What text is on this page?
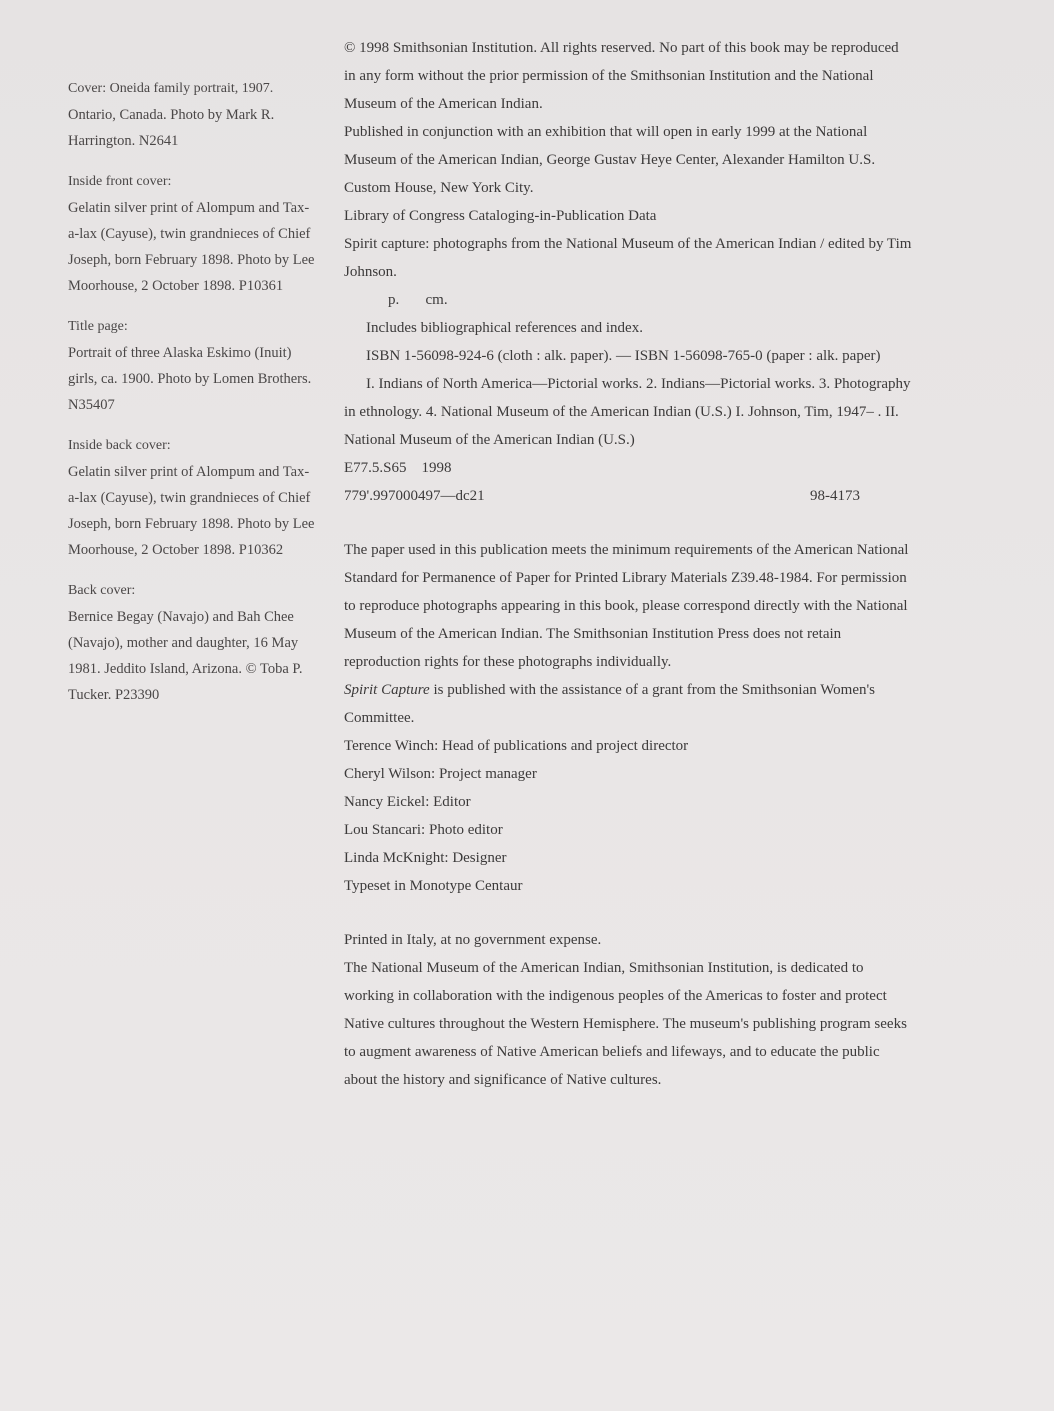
Cover: Oneida family portrait, 1907.
Ontario, Canada. Photo by Mark R. Harrington. N2641
Inside front cover:
Gelatin silver print of Alompum and Tax-a-lax (Cayuse), twin grandnieces of Chief Joseph, born February 1898. Photo by Lee Moorhouse, 2 October 1898. P10361
Title page:
Portrait of three Alaska Eskimo (Inuit) girls, ca. 1900. Photo by Lomen Brothers. N35407
Inside back cover:
Gelatin silver print of Alompum and Tax-a-lax (Cayuse), twin grandnieces of Chief Joseph, born February 1898. Photo by Lee Moorhouse, 2 October 1898. P10362
Back cover:
Bernice Begay (Navajo) and Bah Chee (Navajo), mother and daughter, 16 May 1981. Jeddito Island, Arizona. © Toba P. Tucker. P23390

© 1998 Smithsonian Institution. All rights reserved. No part of this book may be reproduced in any form without the prior permission of the Smithsonian Institution and the National Museum of the American Indian.

Published in conjunction with an exhibition that will open in early 1999 at the National Museum of the American Indian, George Gustav Heye Center, Alexander Hamilton U.S. Custom House, New York City.

Library of Congress Cataloging-in-Publication Data

Spirit capture: photographs from the National Museum of the American Indian / edited by Tim Johnson.

p.       cm.

Includes bibliographical references and index.

ISBN 1-56098-924-6 (cloth : alk. paper). — ISBN 1-56098-765-0 (paper : alk. paper)

I. Indians of North America—Pictorial works. 2. Indians—Pictorial works. 3. Photography in ethnology. 4. National Museum of the American Indian (U.S.) I. Johnson, Tim, 1947– . II. National Museum of the American Indian (U.S.)

E77.5.S65    1998

779'.997000497—dc21	98-4173

The paper used in this publication meets the minimum requirements of the American National Standard for Permanence of Paper for Printed Library Materials Z39.48-1984. For permission to reproduce photographs appearing in this book, please correspond directly with the National Museum of the American Indian. The Smithsonian Institution Press does not retain reproduction rights for these photographs individually.

Spirit Capture is published with the assistance of a grant from the Smithsonian Women's Committee.

Terence Winch: Head of publications and project director
Cheryl Wilson: Project manager
Nancy Eickel: Editor
Lou Stancari: Photo editor
Linda McKnight: Designer
Typeset in Monotype Centaur

Printed in Italy, at no government expense.

The National Museum of the American Indian, Smithsonian Institution, is dedicated to working in collaboration with the indigenous peoples of the Americas to foster and protect Native cultures throughout the Western Hemisphere. The museum's publishing program seeks to augment awareness of Native American beliefs and lifeways, and to educate the public about the history and significance of Native cultures.
